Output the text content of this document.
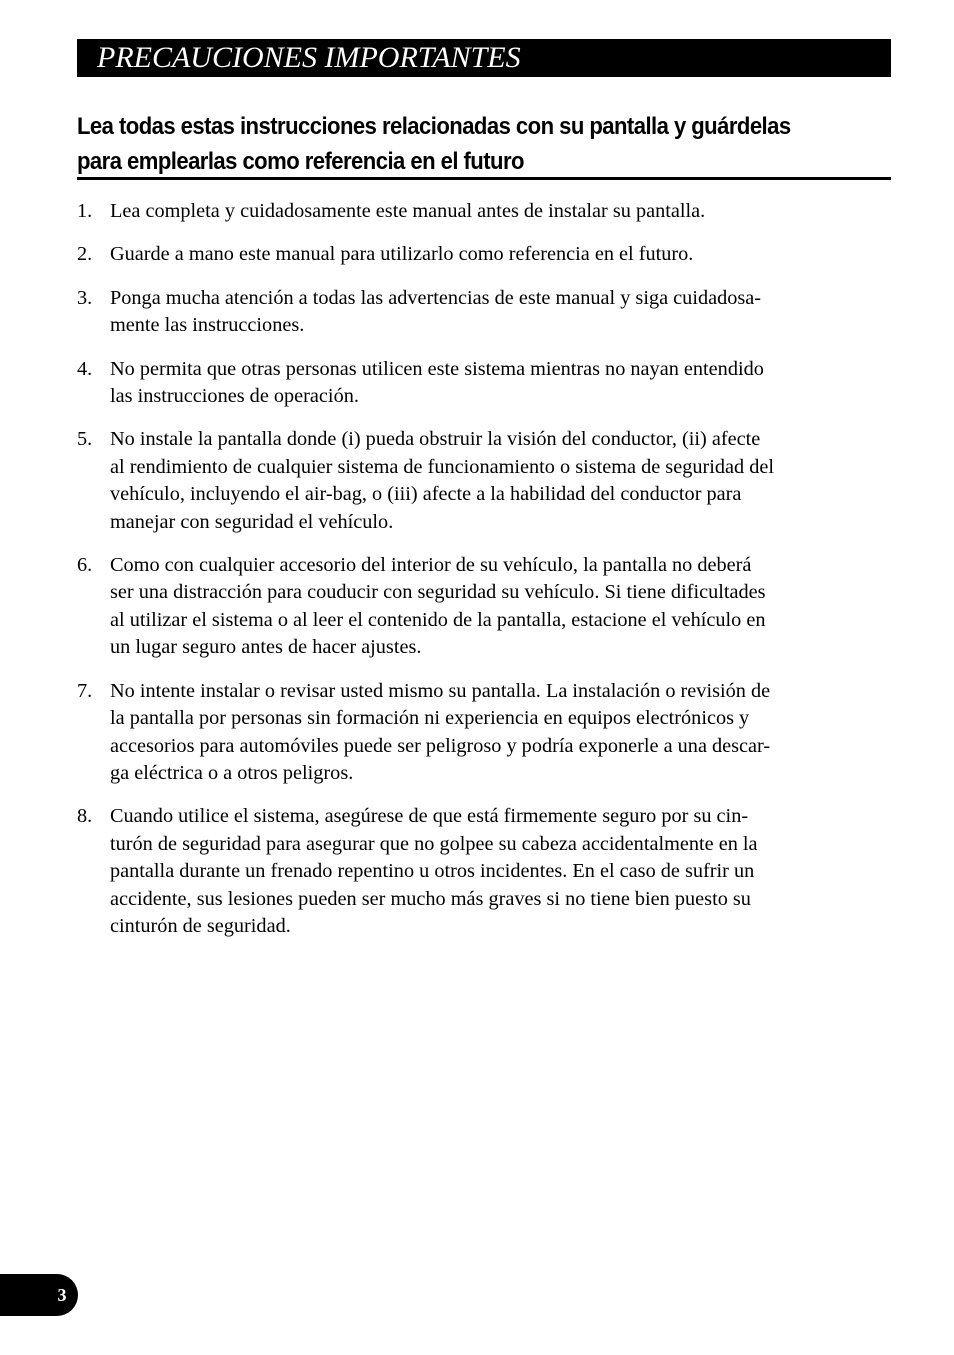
PRECAUCIONES IMPORTANTES
Lea todas estas instrucciones relacionadas con su pantalla y guárdelas
para emplearlas como referencia en el futuro
1. Lea completa y cuidadosamente este manual antes de instalar su pantalla.
2. Guarde a mano este manual para utilizarlo como referencia en el futuro.
3. Ponga mucha atención a todas las advertencias de este manual y siga cuidadosa-
mente las instrucciones.
4. No permita que otras personas utilicen este sistema mientras no nayan entendido
las instrucciones de operación.
5. No instale la pantalla donde (i) pueda obstruir la visión del conductor, (ii) afecte
al rendimiento de cualquier sistema de funcionamiento o sistema de seguridad del
vehículo, incluyendo el air-bag, o (iii) afecte a la habilidad del conductor para
manejar con seguridad el vehículo.
6. Como con cualquier accesorio del interior de su vehículo, la pantalla no deberá
ser una distracción para couducir con seguridad su vehículo. Si tiene dificultades
al utilizar el sistema o al leer el contenido de la pantalla, estacione el vehículo en
un lugar seguro antes de hacer ajustes.
7. No intente instalar o revisar usted mismo su pantalla. La instalación o revisión de
la pantalla por personas sin formación ni experiencia en equipos electrónicos y
accesorios para automóviles puede ser peligroso y podría exponerle a una descar-
ga eléctrica o a otros peligros.
8. Cuando utilice el sistema, asegúrese de que está firmemente seguro por su cin-
turón de seguridad para asegurar que no golpee su cabeza accidentalmente en la
pantalla durante un frenado repentino u otros incidentes. En el caso de sufrir un
accidente, sus lesiones pueden ser mucho más graves si no tiene bien puesto su
cinturón de seguridad.
3
